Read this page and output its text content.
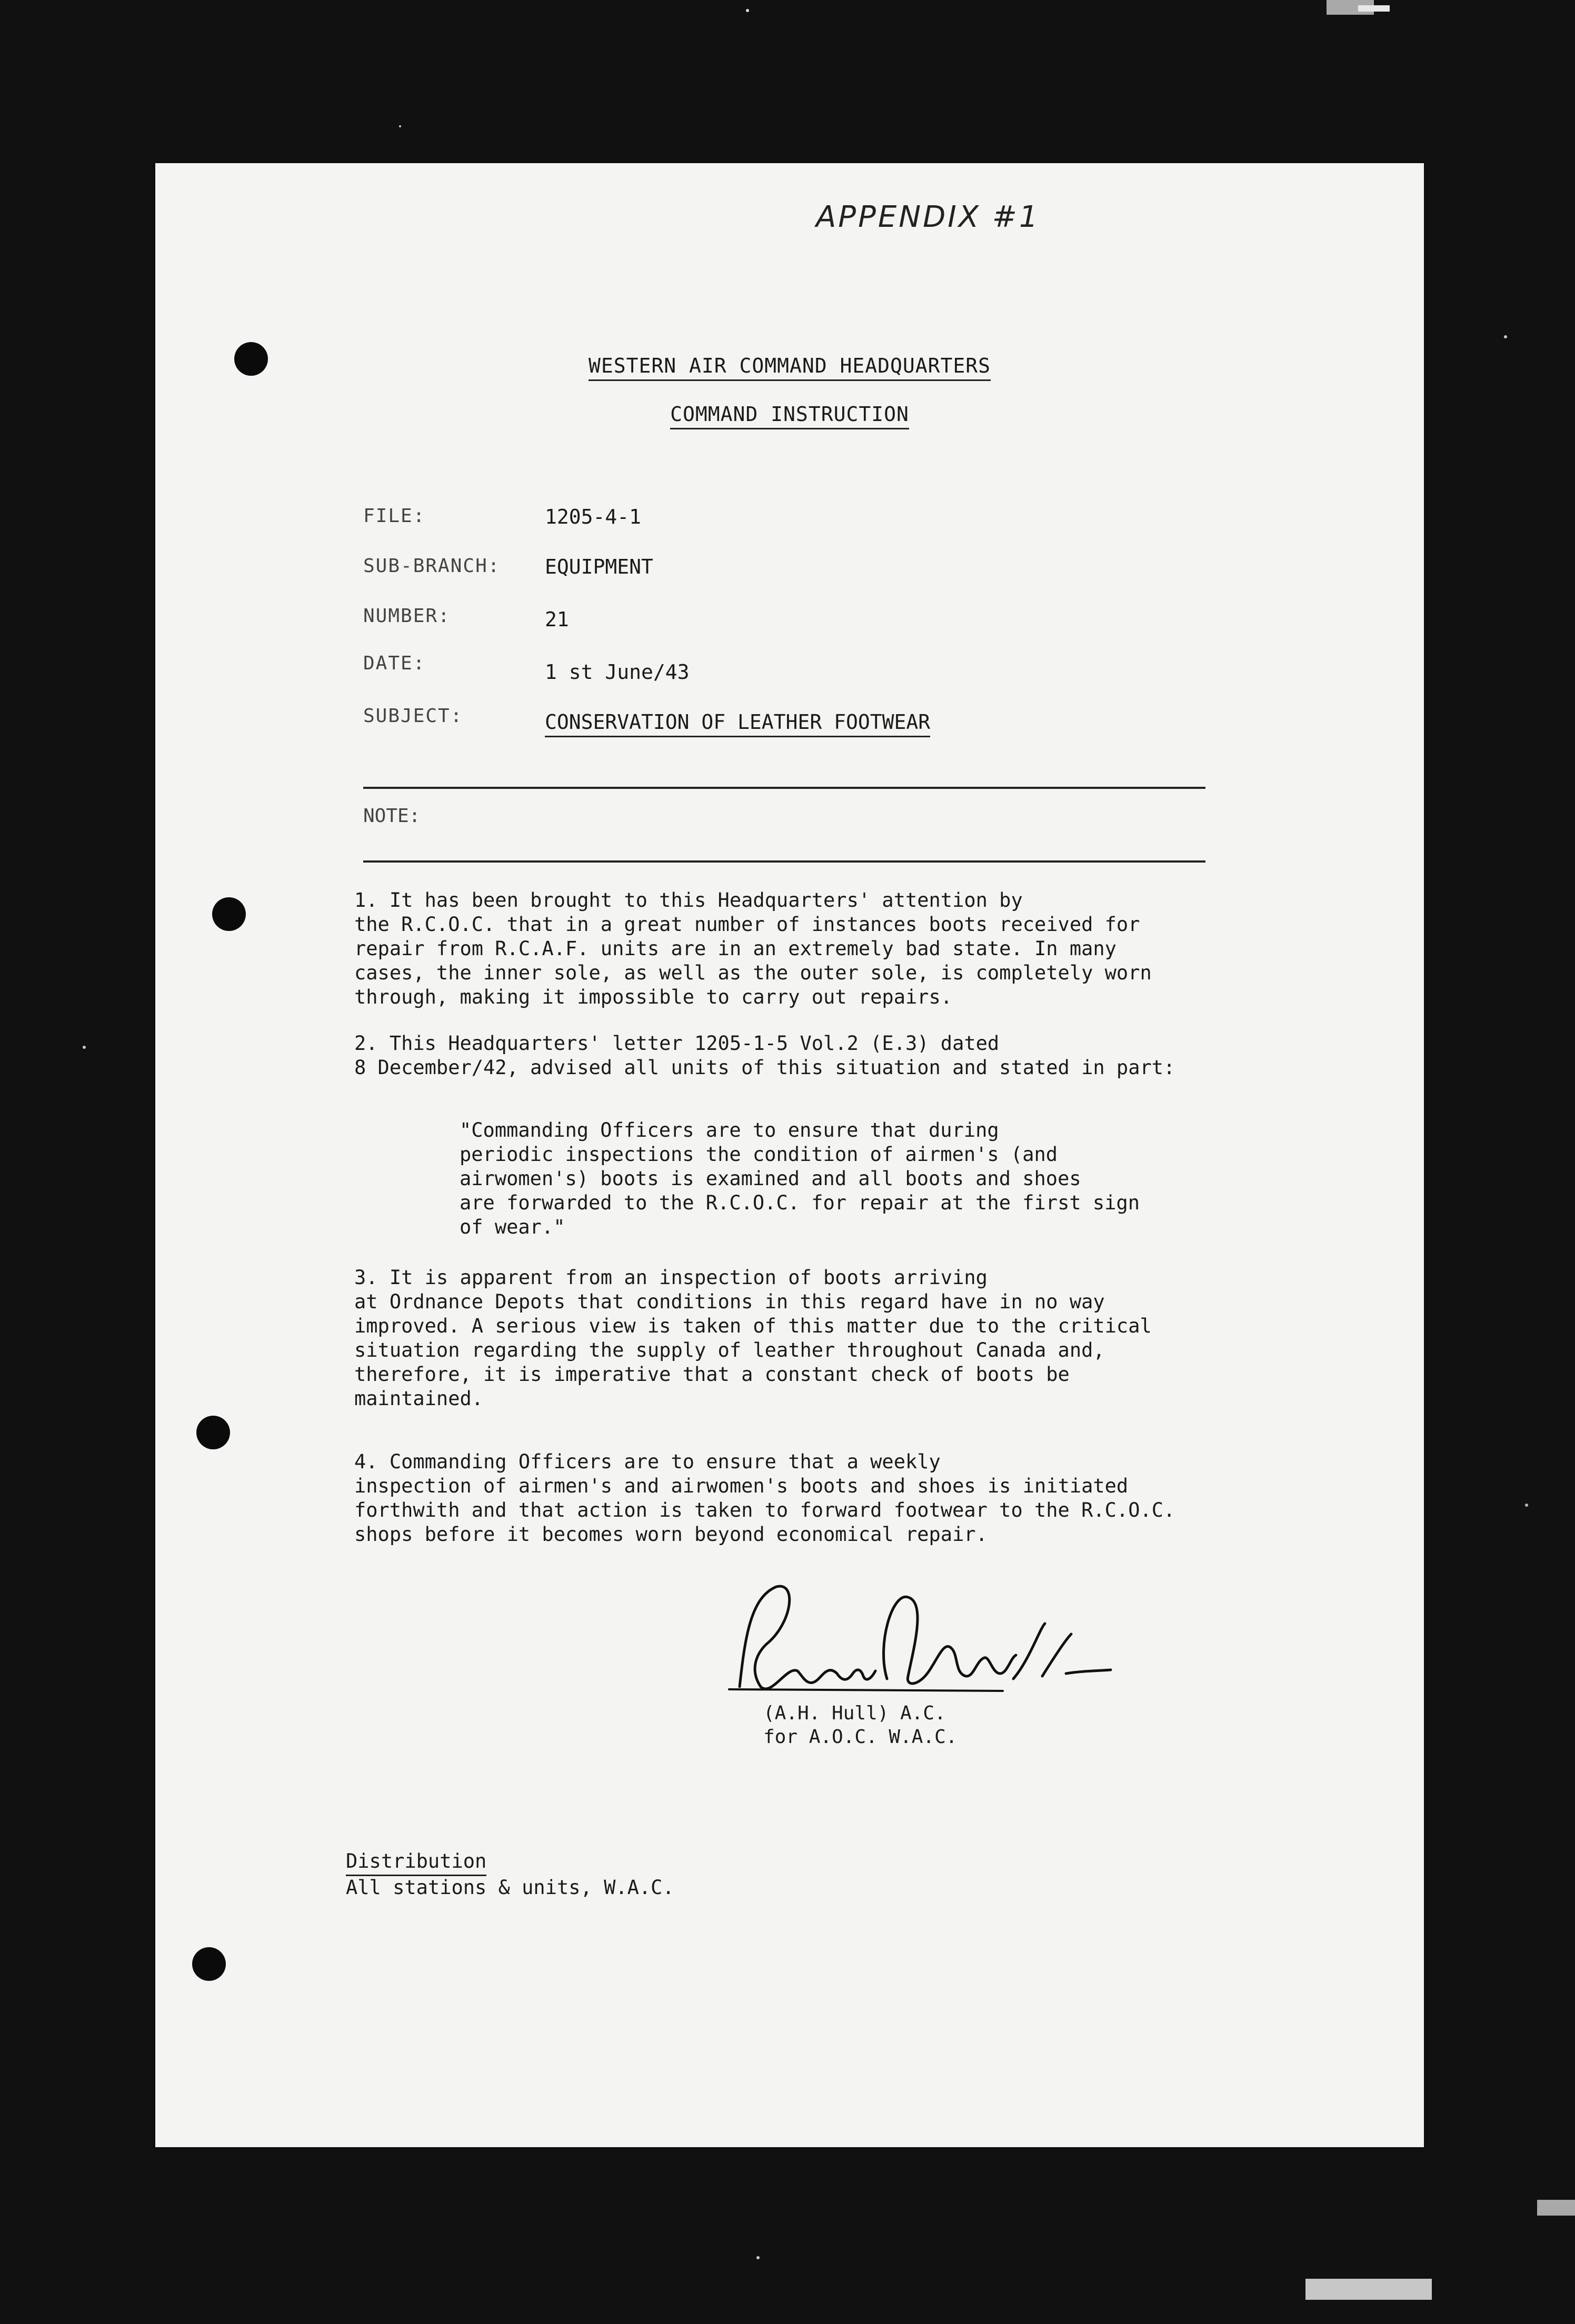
APPENDIX #1
WESTERN AIR COMMAND HEADQUARTERS
COMMAND INSTRUCTION
FILE:	1205-4-1
SUB-BRANCH: EQUIPMENT
NUMBER:	21
DATE:	1 st June/43
SUBJECT:	CONSERVATION OF LEATHER FOOTWEAR
NOTE:
1. It has been brought to this Headquarters' attention by
the R.C.O.C. that in a great number of instances boots received for
repair from R.C.A.F. units are in an extremely bad state. In many
cases, the inner sole, as well as the outer sole, is completely worn
through, making it impossible to carry out repairs.
2. This Headquarters' letter 1205-1-5 Vol.2 (E.3) dated
8 December/42, advised all units of this situation and stated in part:
"Commanding Officers are to ensure that during
periodic inspections the condition of airmen's (and
airwomen's) boots is examined and all boots and shoes
are forwarded to the R.C.O.C. for repair at the first sign
of wear."
3. It is apparent from an inspection of boots arriving
at Ordnance Depots that conditions in this regard have in no way
improved. A serious view is taken of this matter due to the critical
situation regarding the supply of leather throughout Canada and,
therefore, it is imperative that a constant check of boots be
maintained.
4. Commanding Officers are to ensure that a weekly
inspection of airmen's and airwomen's boots and shoes is initiated
forthwith and that action is taken to forward footwear to the R.C.O.C.
shops before it becomes worn beyond economical repair.
(A.H. Hull) A.C.
for A.O.C. W.A.C.
Distribution
All stations & units, W.A.C.
